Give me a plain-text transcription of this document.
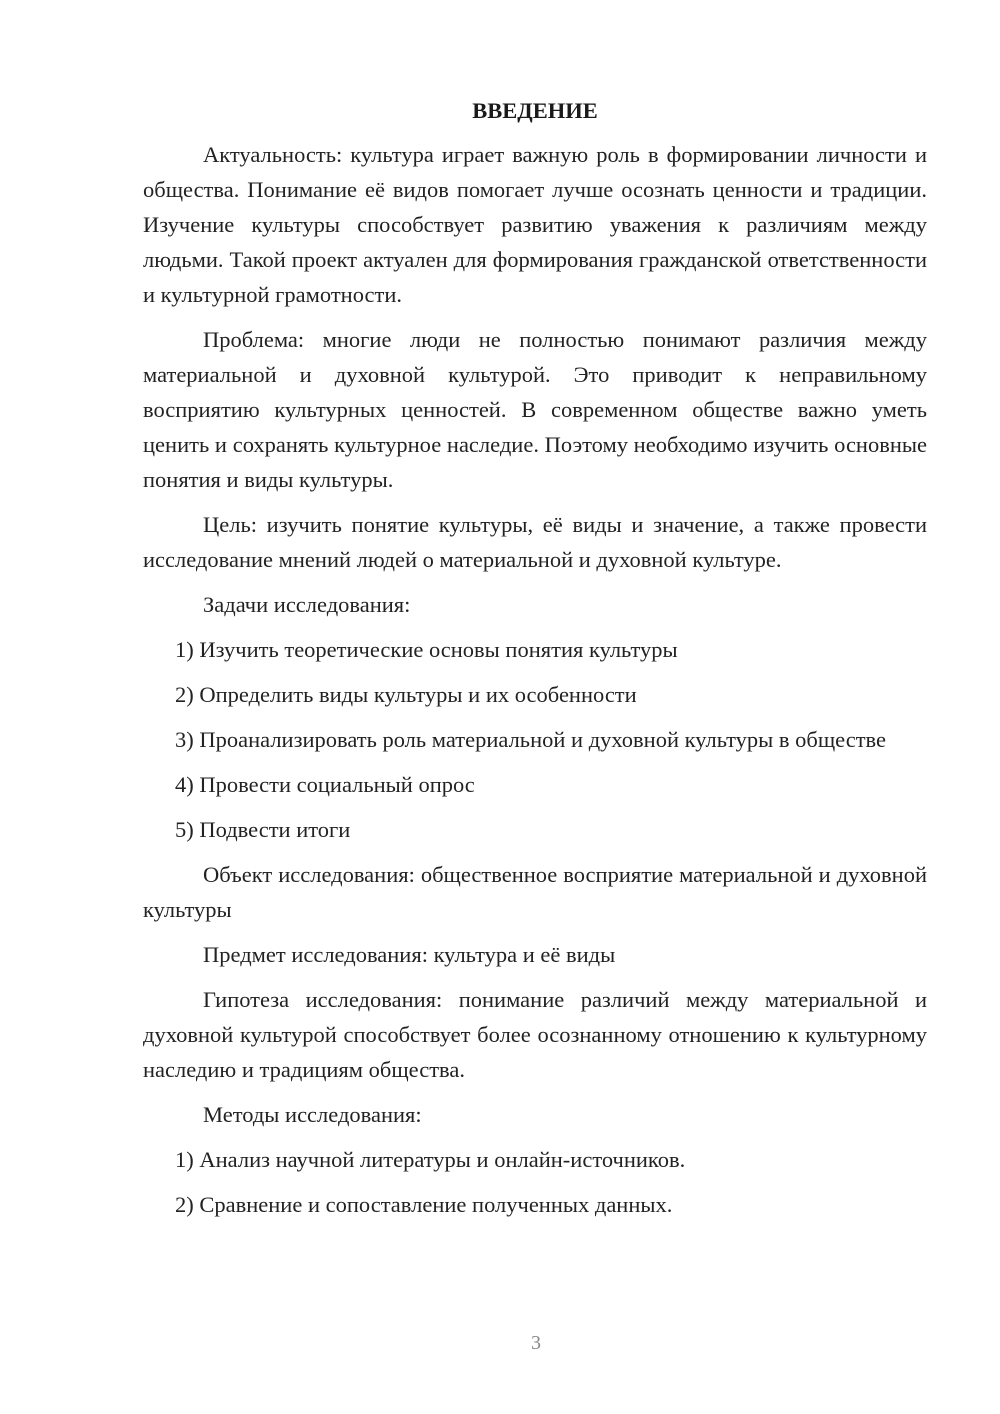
ВВЕДЕНИЕ

Актуальность: культура играет важную роль в формировании личности и общества. Понимание её видов помогает лучше осознать ценности и традиции. Изучение культуры способствует развитию уважения к различиям между людьми. Такой проект актуален для формирования гражданской ответственности и культурной грамотности.

Проблема: многие люди не полностью понимают различия между материальной и духовной культурой. Это приводит к неправильному восприятию культурных ценностей. В современном обществе важно уметь ценить и сохранять культурное наследие. Поэтому необходимо изучить основные понятия и виды культуры.

Цель: изучить понятие культуры, её виды и значение, а также провести исследование мнений людей о материальной и духовной культуре.

Задачи исследования:

1) Изучить теоретические основы понятия культуры

2) Определить виды культуры и их особенности

3) Проанализировать роль материальной и духовной культуры в обществе

4) Провести социальный опрос

5) Подвести итоги

Объект исследования: общественное восприятие материальной и духовной культуры

Предмет исследования: культура и её виды

Гипотеза исследования: понимание различий между материальной и духовной культурой способствует более осознанному отношению к культурному наследию и традициям общества.

Методы исследования:

1) Анализ научной литературы и онлайн-источников.

2) Сравнение и сопоставление полученных данных.

3
